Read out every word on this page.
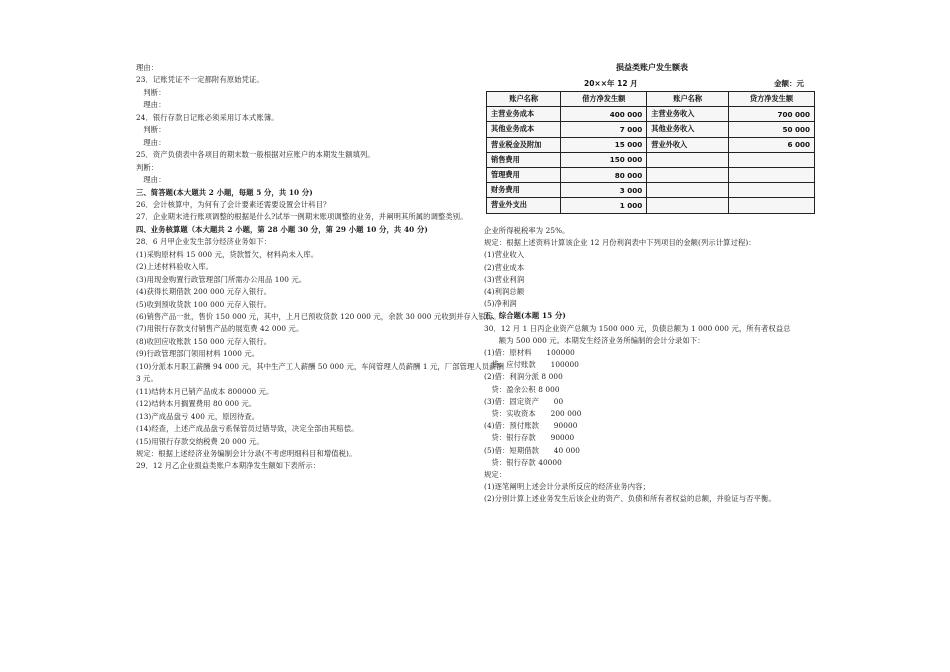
理由：
23．记账凭证不一定都附有原始凭证。
　判断：
　理由：
24．银行存款日记账必须采用订本式账簿。
　判断：
　理由：
25．资产负债表中各项目的期末数一般根据对应账户的本期发生额填列。
判断：
　理由：
三、简答题(本大题共 2 小题，每题 5 分，共 10 分)
26．会计核算中，为何有了会计要素还需要设置会计科目？
27．企业期末进行账项调整的根据是什么?试举一例期末账项调整的业务，并阐明其所属的调整类别。
四、业务核算题（本大题共 2 小题，第 28 小题 30 分，第 29 小题 10 分，共 40 分)
28．6 月甲企业发生部分经济业务如下：
(1)采购原材料 15 000 元，贷款暂欠，材料尚未入库。
(2)上述材料验收入库。
(3)用现金购置行政管理部门所需办公用品 100 元。
(4)获得长期借款 200 000 元存入银行。
(5)收到预收货款 100 000 元存入银行。
(6)销售产品一批，售价 150 000 元，其中，上月已预收货款 120 000 元，余款 30 000 元收到并存入银行。
(7)用银行存款支付销售产品的展览费 42 000 元。
(8)收回应收账款 150 000 元存入银行。
(9)行政管理部门领用材料 1000 元。
(10)分派本月职工薪酬 94 000 元，其中生产工人薪酬 50 000 元，车间管理人员薪酬 1 元，厂部管理人员薪酬
3 元。
(11)结转本月已销产品成本 800000 元。
(12)结转本月搁置费用 80 000 元。
(13)产成品盘亏 400 元，原因待查。
(14)经查，上述产成品盘亏系保管员过错导致，决定全部由其赔偿。
(15)用银行存款交纳税费 20 000 元。
规定：根据上述经济业务编制会计分录(不考虑明细科目和增值税)。
29．12 月乙企业损益类账户本期净发生额如下表所示：
损益类账户发生额表
20××年 12 月	金额：元
账户名称	借方净发生额	账户名称	贷方净发生额
主营业务成本	400 000	主营业务收入	700 000
其他业务成本	7 000	其他业务收入	50 000
营业税金及附加	15 000	营业外收入	6 000
销售费用	150 000		
管理费用	80 000		
财务费用	3 000		
营业外支出	1 000		
企业所得税税率为 25%。
规定：根据上述资料计算该企业 12 月份利润表中下列项目的金额(列示计算过程)：
(1)营业收入
(2)营业成本
(3)营业利润
(4)利润总额
(5)净利润
五、综合题(本题 15 分)
30．12 月 1 日丙企业资产总额为 1500 000 元，负债总额为 1 000 000 元，所有者权益总
　　额为 500 000 元。本期发生经济业务所编制的会计分录如下：
(1)借：原材料　　100000
　贷：应付账款　　100000
(2)借：利润分派 8 000
　贷：盈余公积 8 000
(3)借：固定资产　　00
　贷：实收资本　　200 000
(4)借：预付账款　　90000
　贷：银行存款　　90000
(5)借：短期借款　　40 000
　贷：银行存款 40000
规定：
(1)逐笔阐明上述会计分录所反应的经济业务内容；
(2)分别计算上述业务发生后该企业的资产、负债和所有者权益的总额，并验证与否平衡。
